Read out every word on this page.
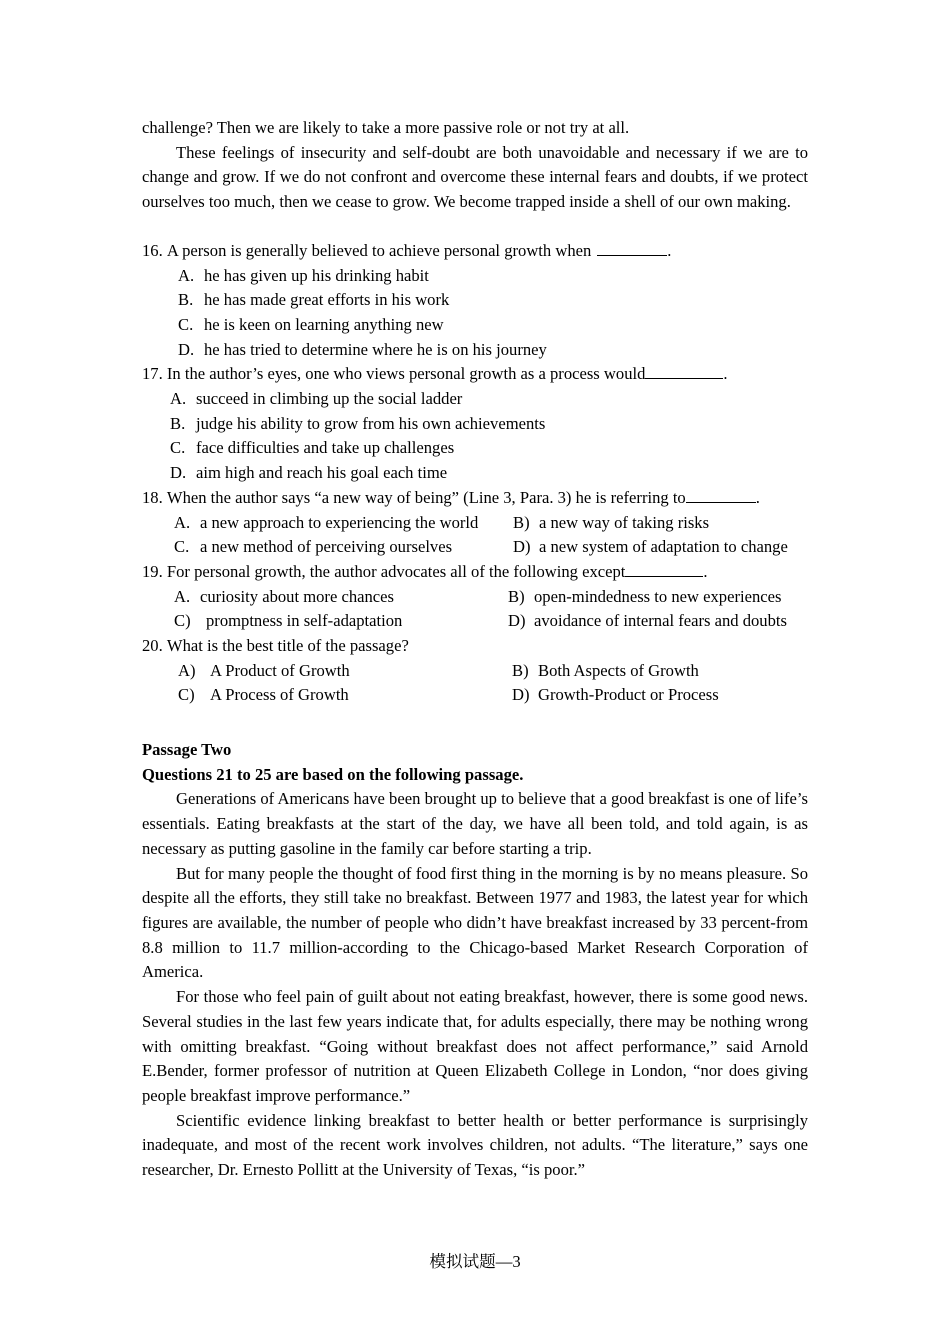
challenge? Then we are likely to take a more passive role or not try at all.

These feelings of insecurity and self-doubt are both unavoidable and necessary if we are to change and grow. If we do not confront and overcome these internal fears and doubts, if we protect ourselves too much, then we cease to grow. We become trapped inside a shell of our own making.

16. A person is generally believed to achieve personal growth when	.
A. he has given up his drinking habit
B. he has made great efforts in his work
C. he is keen on learning anything new
D. he has tried to determine where he is on his journey
17. In the author’s eyes, one who views personal growth as a process would	.
A. succeed in climbing up the social ladder
B. judge his ability to grow from his own achievements
C. face difficulties and take up challenges
D. aim high and reach his goal each time
18. When the author says “a new way of being” (Line 3, Para. 3) he is referring to	.
A. a new approach to experiencing the world B) a new way of taking risks
C. a new method of perceiving ourselves	D) a new system of adaptation to change
19. For personal growth, the author advocates all of the following except	.
A. curiosity about more chances	B) open-mindedness to new experiences
C) promptness in self-adaptation	D) avoidance of internal fears and doubts
20. What is the best title of the passage?
A) A Product of Growth	B) Both Aspects of Growth
C) A Process of Growth	D) Growth-Product or Process
Passage Two
Questions 21 to 25 are based on the following passage.

Generations of Americans have been brought up to believe that a good breakfast is one of life’s essentials. Eating breakfasts at the start of the day, we have all been told, and told again, is as necessary as putting gasoline in the family car before starting a trip.

But for many people the thought of food first thing in the morning is by no means pleasure. So despite all the efforts, they still take no breakfast. Between 1977 and 1983, the latest year for which figures are available, the number of people who didn’t have breakfast increased by 33 percent-from 8.8 million to 11.7 million-according to the Chicago-based Market Research Corporation of America.

For those who feel pain of guilt about not eating breakfast, however, there is some good news. Several studies in the last few years indicate that, for adults especially, there may be nothing wrong with omitting breakfast. “Going without breakfast does not affect performance,” said Arnold E.Bender, former professor of nutrition at Queen Elizabeth College in London, “nor does giving people breakfast improve performance.”

Scientific evidence linking breakfast to better health or better performance is surprisingly inadequate, and most of the recent work involves children, not adults. “The literature,” says one researcher, Dr. Ernesto Pollitt at the University of Texas, “is poor.”

模拟试题—3
